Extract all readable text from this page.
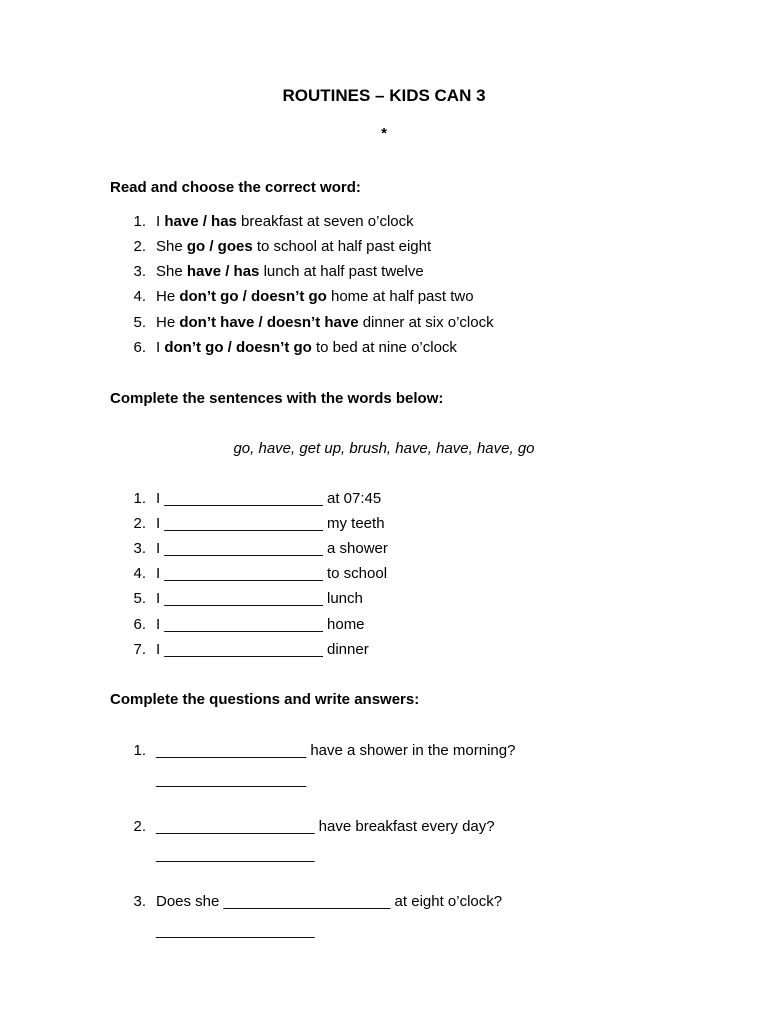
ROUTINES – KIDS CAN 3
*
Read and choose the correct word:
1. I have / has breakfast at seven o’clock
2. She go / goes to school at half past eight
3. She have / has lunch at half past twelve
4. He don’t go / doesn’t go home at half past two
5. He don’t have / doesn’t have dinner at six o’clock
6. I don’t go / doesn’t go to bed at nine o’clock
Complete the sentences with the words below:
go, have, get up, brush, have, have, have, go
1. I ___________________ at 07:45
2. I ___________________ my teeth
3. I ___________________ a shower
4. I ___________________ to school
5. I ___________________ lunch
6. I ___________________ home
7. I ___________________ dinner
Complete the questions and write answers:
1. __________________ have a shower in the morning?
__________________
2. ___________________ have breakfast every day?
___________________
3. Does she ____________________ at eight o’clock?
___________________
